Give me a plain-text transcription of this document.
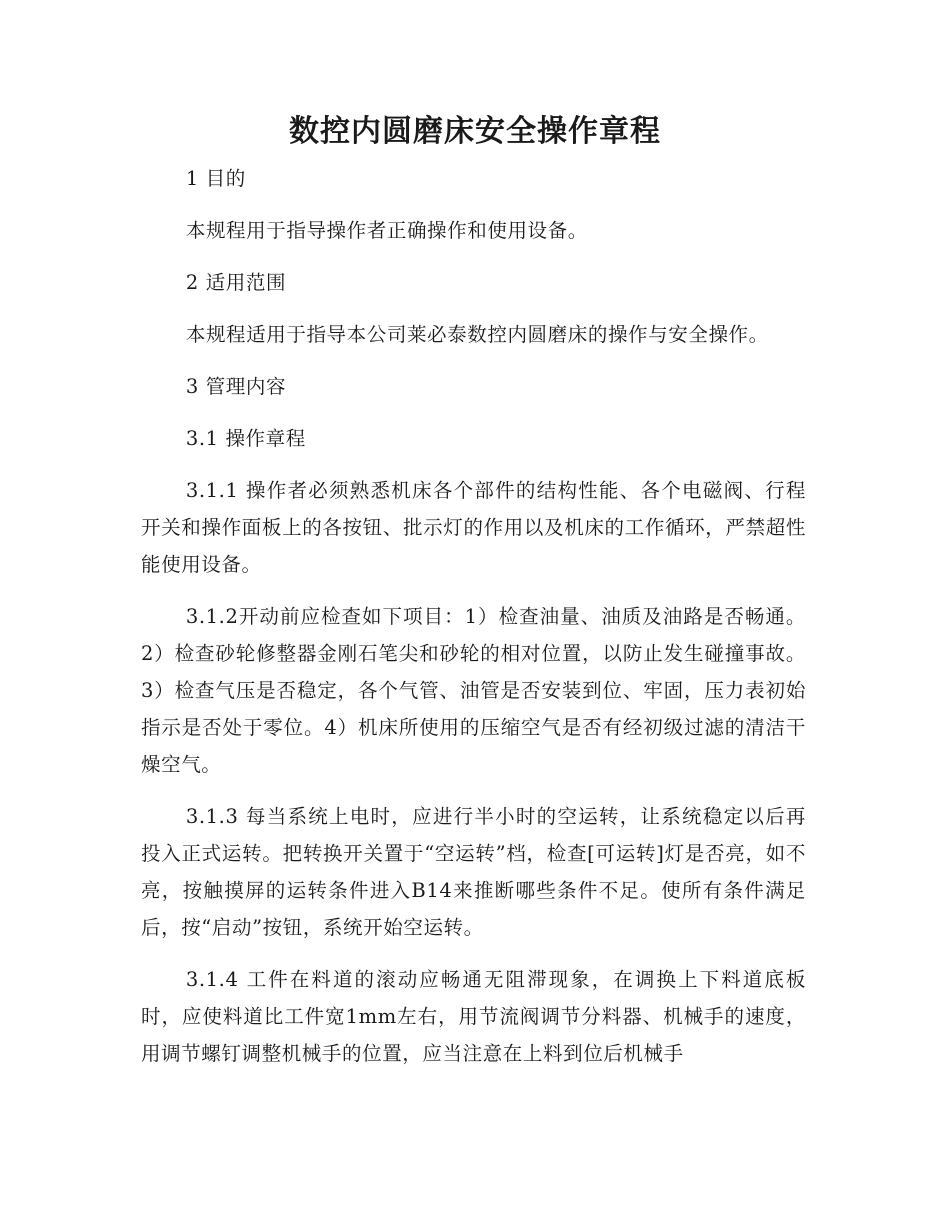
数控内圆磨床安全操作章程

1 目的

本规程用于指导操作者正确操作和使用设备。

2 适用范围

本规程适用于指导本公司莱必泰数控内圆磨床的操作与安全操作。

3 管理内容

3.1 操作章程

3.1.1 操作者必须熟悉机床各个部件的结构性能、各个电磁阀、行程开关和操作面板上的各按钮、批示灯的作用以及机床的工作循环，严禁超性能使用设备。

3.1.2开动前应检查如下项目：1）检查油量、油质及油路是否畅通。2）检查砂轮修整器金刚石笔尖和砂轮的相对位置，以防止发生碰撞事故。3）检查气压是否稳定，各个气管、油管是否安装到位、牢固，压力表初始指示是否处于零位。4）机床所使用的压缩空气是否有经初级过滤的清洁干燥空气。

3.1.3 每当系统上电时，应进行半小时的空运转，让系统稳定以后再投入正式运转。把转换开关置于“空运转”档，检查[可运转]灯是否亮，如不亮，按触摸屏的运转条件进入B14来推断哪些条件不足。使所有条件满足后，按“启动”按钮，系统开始空运转。

3.1.4 工件在料道的滚动应畅通无阻滞现象，在调换上下料道底板时，应使料道比工件宽1mm左右，用节流阀调节分料器、机械手的速度，用调节螺钉调整机械手的位置，应当注意在上料到位后机械手
